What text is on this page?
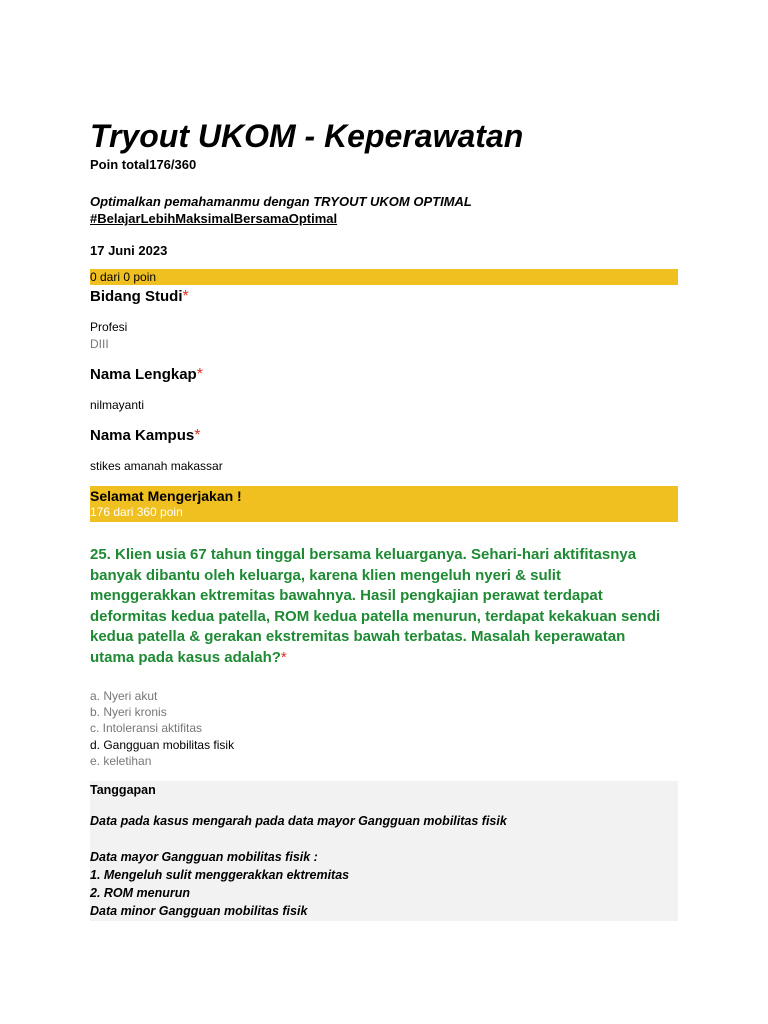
Tryout UKOM - Keperawatan
Poin total176/360
Optimalkan pemahamanmu dengan TRYOUT UKOM OPTIMAL
#BelajarLebihMaksimalBersamaOptimal
17 Juni 2023
0 dari 0 poin
Bidang Studi*
Profesi
DIII
Nama Lengkap*
nilmayanti
Nama Kampus*
stikes amanah makassar
Selamat Mengerjakan !
176 dari 360 poin
25. Klien usia 67 tahun tinggal bersama keluarganya. Sehari-hari aktifitasnya banyak dibantu oleh keluarga, karena klien mengeluh nyeri & sulit menggerakkan ektremitas bawahnya. Hasil pengkajian perawat terdapat deformitas kedua patella, ROM kedua patella menurun, terdapat kekakuan sendi kedua patella & gerakan ekstremitas bawah terbatas. Masalah keperawatan utama pada kasus adalah?*
a. Nyeri akut
b. Nyeri kronis
c. Intoleransi aktifitas
d. Gangguan mobilitas fisik
e. keletihan
Tanggapan
Data pada kasus mengarah pada data mayor Gangguan mobilitas fisik
Data mayor Gangguan mobilitas fisik :
1. Mengeluh sulit menggerakkan ektremitas
2. ROM menurun
Data minor Gangguan mobilitas fisik
